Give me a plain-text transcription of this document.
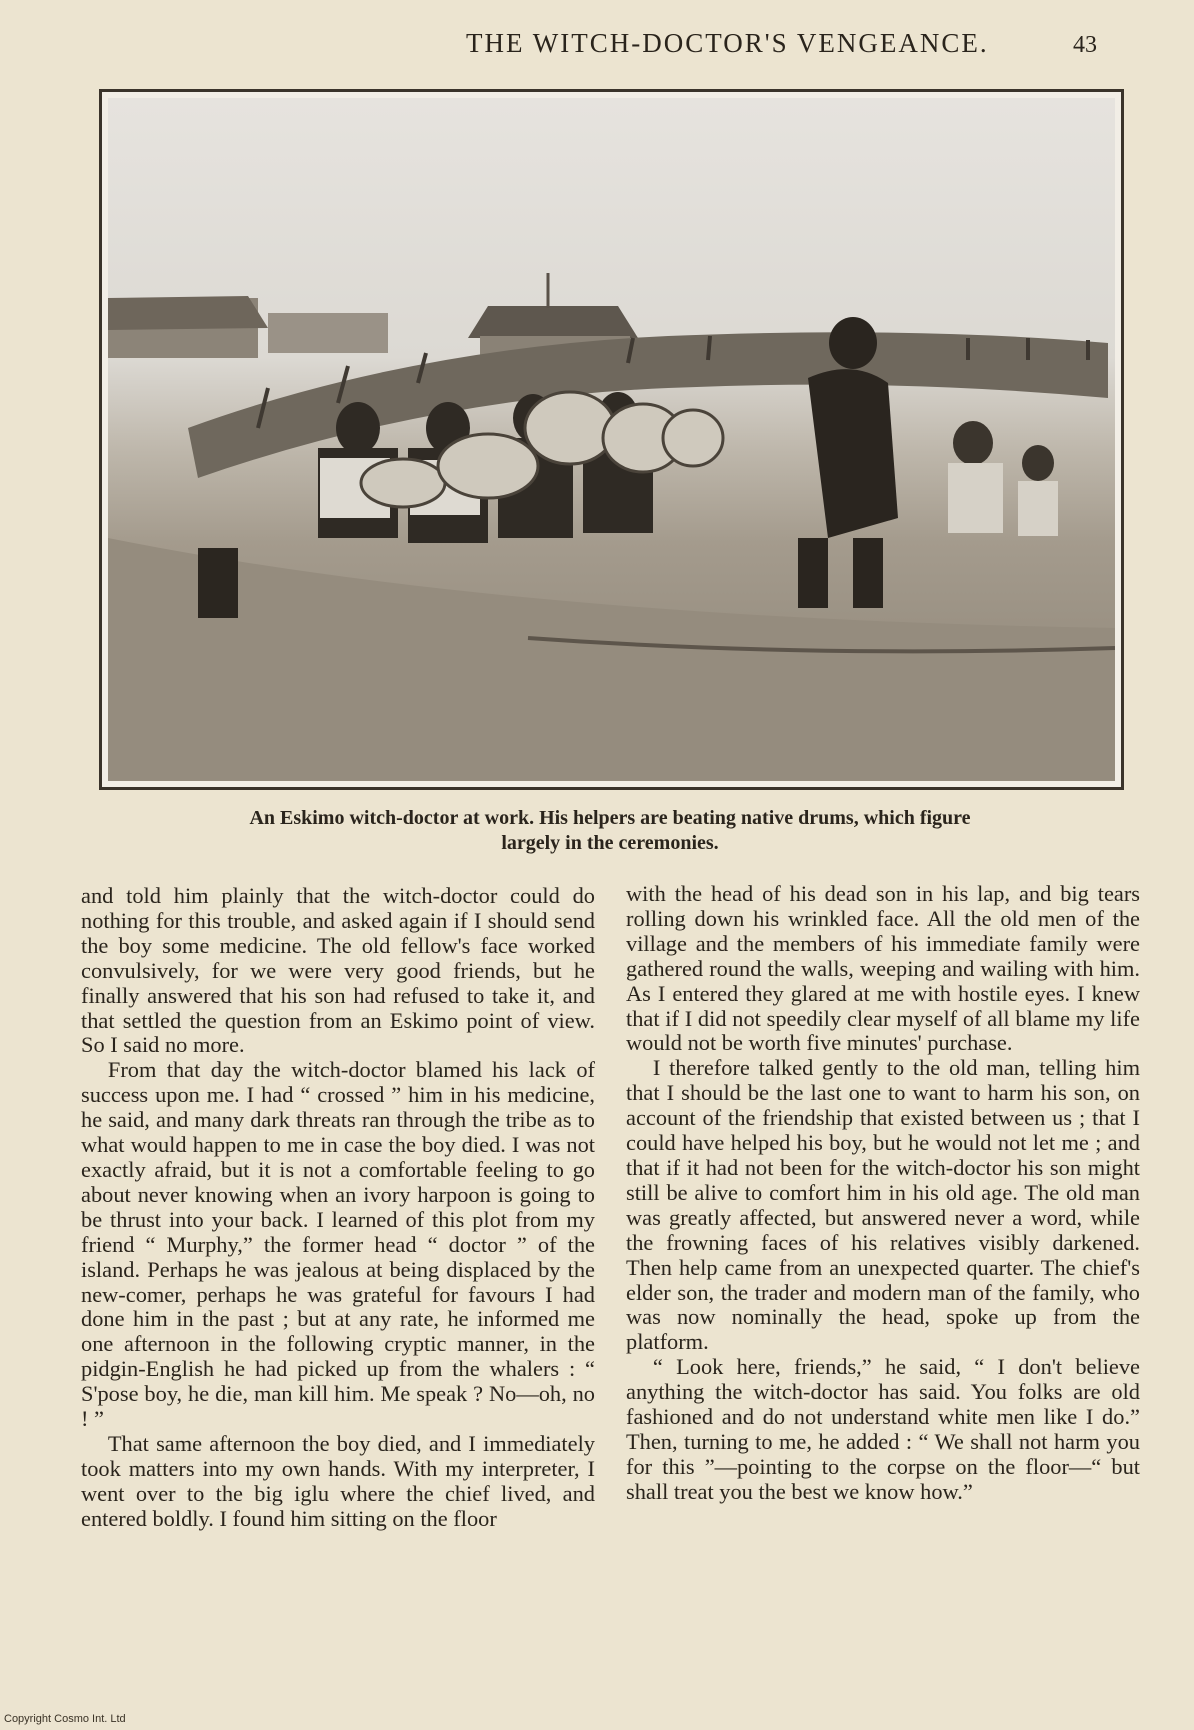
THE WITCH-DOCTOR'S VENGEANCE.	43
An Eskimo witch-doctor at work. His helpers are beating native drums, which figure
largely in the ceremonies.

and told him plainly that the witch-doctor could do nothing for this trouble, and asked again if I should send the boy some medicine. The old fellow's face worked convulsively, for we were very good friends, but he finally answered that his son had refused to take it, and that settled the question from an Eskimo point of view. So I said no more.

From that day the witch-doctor blamed his lack of success upon me. I had “ crossed ” him in his medicine, he said, and many dark threats ran through the tribe as to what would happen to me in case the boy died. I was not exactly afraid, but it is not a comfortable feeling to go about never knowing when an ivory harpoon is going to be thrust into your back. I learned of this plot from my friend “ Murphy,” the former head “ doctor ” of the island. Perhaps he was jealous at being displaced by the new-comer, perhaps he was grateful for favours I had done him in the past ; but at any rate, he informed me one afternoon in the following cryptic manner, in the pidgin-English he had picked up from the whalers : “ S'pose boy, he die, man kill him. Me speak ? No—oh, no ! ”

That same afternoon the boy died, and I immediately took matters into my own hands. With my interpreter, I went over to the big iglu where the chief lived, and entered boldly. I found him sitting on the floor

with the head of his dead son in his lap, and big tears rolling down his wrinkled face. All the old men of the village and the members of his immediate family were gathered round the walls, weeping and wailing with him. As I entered they glared at me with hostile eyes. I knew that if I did not speedily clear myself of all blame my life would not be worth five minutes' purchase.

I therefore talked gently to the old man, telling him that I should be the last one to want to harm his son, on account of the friendship that existed between us ; that I could have helped his boy, but he would not let me ; and that if it had not been for the witch-doctor his son might still be alive to comfort him in his old age. The old man was greatly affected, but answered never a word, while the frowning faces of his relatives visibly darkened. Then help came from an unexpected quarter. The chief's elder son, the trader and modern man of the family, who was now nominally the head, spoke up from the platform.

“ Look here, friends,” he said, “ I don't believe anything the witch-doctor has said. You folks are old fashioned and do not understand white men like I do.” Then, turning to me, he added : “ We shall not harm you for this ”—pointing to the corpse on the floor—“ but shall treat you the best we know how.”

Copyright Cosmo Int. Ltd
